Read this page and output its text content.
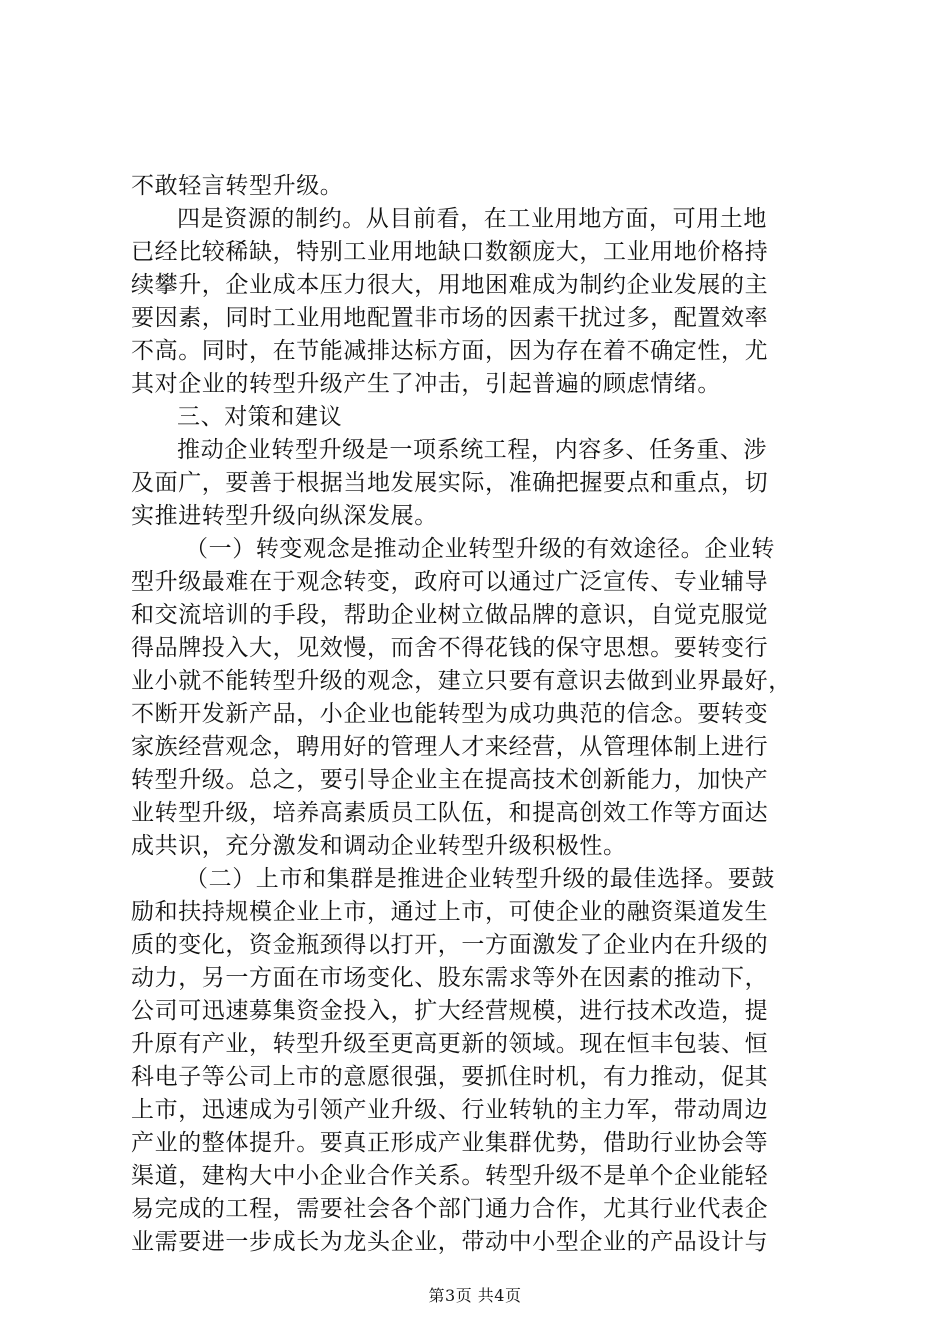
不敢轻言转型升级。
四是资源的制约。从目前看，在工业用地方面，可用土地
已经比较稀缺，特别工业用地缺口数额庞大，工业用地价格持
续攀升，企业成本压力很大，用地困难成为制约企业发展的主
要因素，同时工业用地配置非市场的因素干扰过多，配置效率
不高。同时，在节能减排达标方面，因为存在着不确定性，尤
其对企业的转型升级产生了冲击，引起普遍的顾虑情绪。
三、对策和建议
推动企业转型升级是一项系统工程，内容多、任务重、涉
及面广，要善于根据当地发展实际，准确把握要点和重点，切
实推进转型升级向纵深发展。
（一）转变观念是推动企业转型升级的有效途径。企业转
型升级最难在于观念转变，政府可以通过广泛宣传、专业辅导
和交流培训的手段，帮助企业树立做品牌的意识，自觉克服觉
得品牌投入大，见效慢，而舍不得花钱的保守思想。要转变行
业小就不能转型升级的观念，建立只要有意识去做到业界最好，
不断开发新产品，小企业也能转型为成功典范的信念。要转变
家族经营观念，聘用好的管理人才来经营，从管理体制上进行
转型升级。总之，要引导企业主在提高技术创新能力，加快产
业转型升级，培养高素质员工队伍，和提高创效工作等方面达
成共识，充分激发和调动企业转型升级积极性。
（二）上市和集群是推进企业转型升级的最佳选择。要鼓
励和扶持规模企业上市，通过上市，可使企业的融资渠道发生
质的变化，资金瓶颈得以打开，一方面激发了企业内在升级的
动力，另一方面在市场变化、股东需求等外在因素的推动下，
公司可迅速募集资金投入，扩大经营规模，进行技术改造，提
升原有产业，转型升级至更高更新的领域。现在恒丰包装、恒
科电子等公司上市的意愿很强，要抓住时机，有力推动，促其
上市，迅速成为引领产业升级、行业转轨的主力军，带动周边
产业的整体提升。要真正形成产业集群优势，借助行业协会等
渠道，建构大中小企业合作关系。转型升级不是单个企业能轻
易完成的工程，需要社会各个部门通力合作，尤其行业代表企
业需要进一步成长为龙头企业，带动中小型企业的产品设计与
第3页 共4页
